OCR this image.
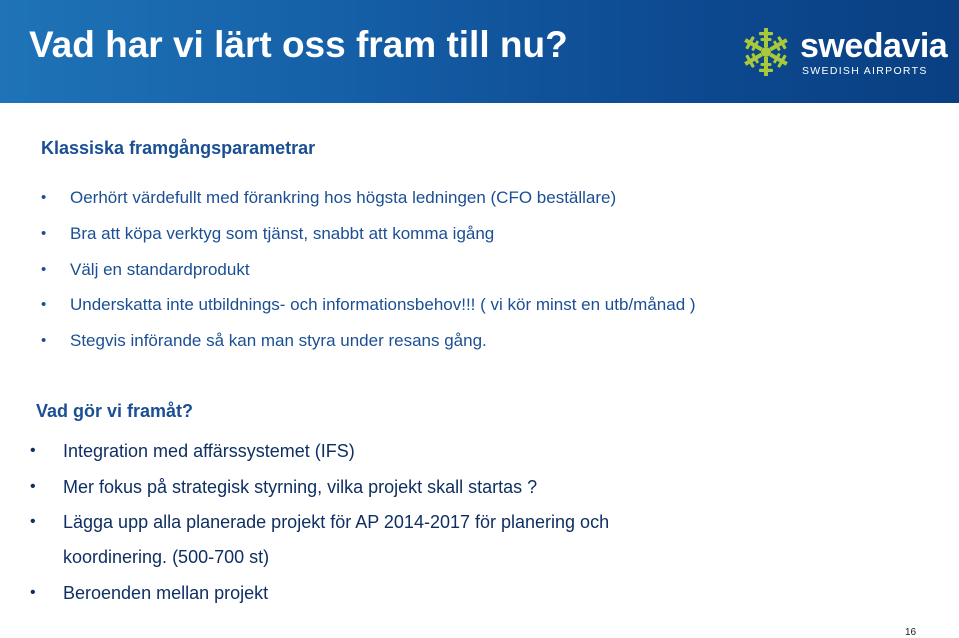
Vad har vi lärt oss fram till nu?	swedavia
SWEDISH AIRPORTS
Klassiska framgångsparametrar
• Oerhört värdefullt med förankring hos högsta ledningen (CFO beställare)
• Bra att köpa verktyg som tjänst, snabbt att komma igång
• Välj en standardprodukt
• Underskatta inte utbildnings- och informationsbehov!!! ( vi kör minst en utb/månad )
• Stegvis införande så kan man styra under resans gång.
Vad gör vi framåt?
• Integration med affärssystemet (IFS)
• Mer fokus på strategisk styrning, vilka projekt skall startas ?
• Lägga upp alla planerade projekt för AP 2014-2017 för planering och
koordinering. (500-700 st)
• Beroenden mellan projekt
16
